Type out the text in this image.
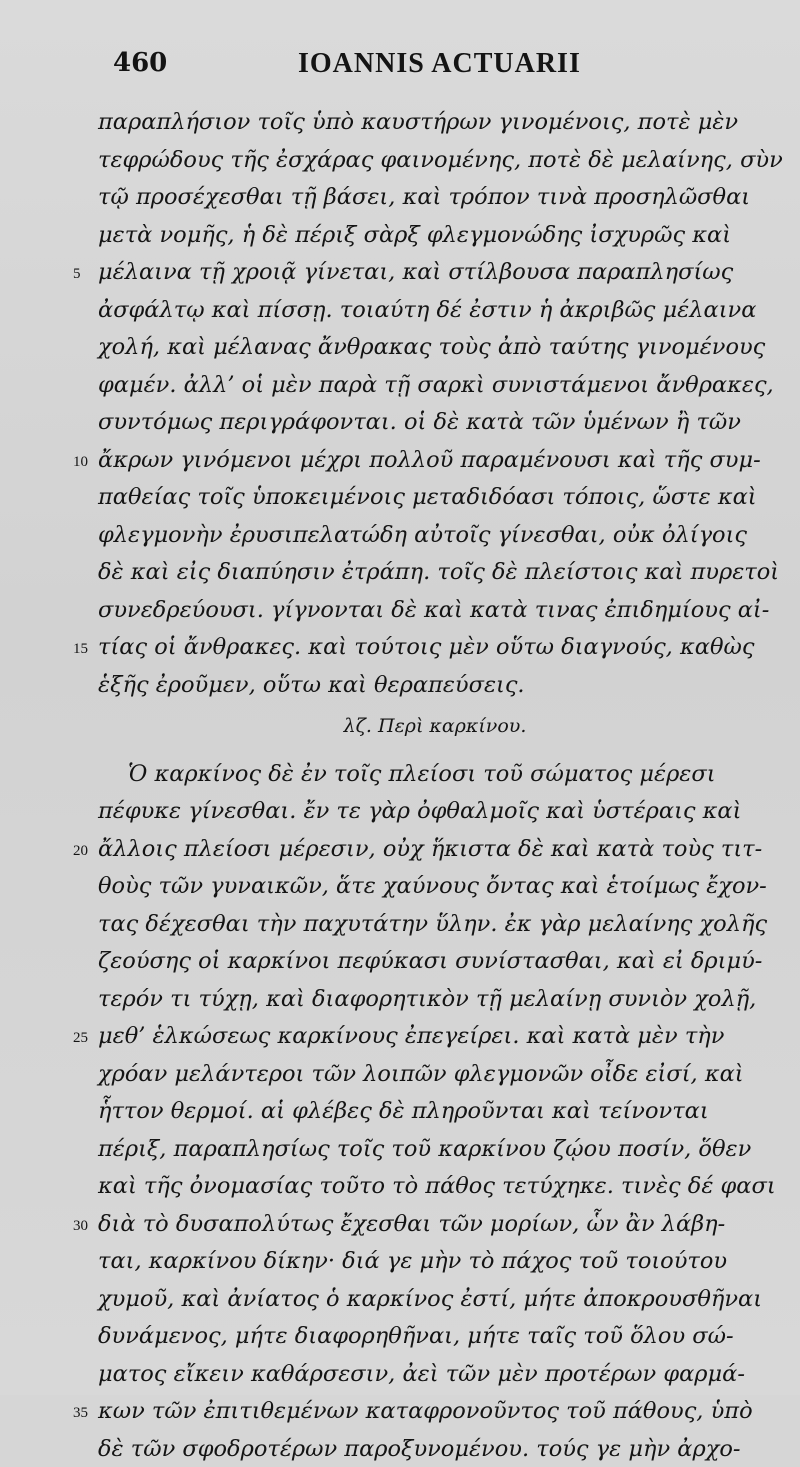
460	IOANNIS ACTUARII
παραπλήσιον τοῖς ὑπὸ καυστήρων γινομένοις, ποτὲ μὲν
τεφρώδους τῆς ἐσχάρας φαινομένης, ποτὲ δὲ μελαίνης, σὺν
τῷ προσέχεσθαι τῇ βάσει, καὶ τρόπον τινὰ προσηλῶσθαι
μετὰ νομῆς, ἡ δὲ πέριξ σὰρξ φλεγμονώδης ἰσχυρῶς καὶ
5 μέλαινα τῇ χροιᾷ γίνεται, καὶ στίλβουσα παραπλησίως
ἀσφάλτῳ καὶ πίσσῃ. τοιαύτη δέ ἐστιν ἡ ἀκριβῶς μέλαινα
χολή, καὶ μέλανας ἄνθρακας τοὺς ἀπὸ ταύτης γινομένους
φαμέν. ἀλλ’ οἱ μὲν παρὰ τῇ σαρκὶ συνιστάμενοι ἄνθρακες,
συντόμως περιγράφονται. οἱ δὲ κατὰ τῶν ὑμένων ἢ τῶν
10 ἄκρων γινόμενοι μέχρι πολλοῦ παραμένουσι καὶ τῆς συμ-
παθείας τοῖς ὑποκειμένοις μεταδιδόασι τόποις, ὥστε καὶ
φλεγμονὴν ἐρυσιπελατώδη αὐτοῖς γίνεσθαι, οὐκ ὀλίγοις
δὲ καὶ εἰς διαπύησιν ἐτράπη. τοῖς δὲ πλείστοις καὶ πυρετοὶ
συνεδρεύουσι. γίγνονται δὲ καὶ κατὰ τινας ἐπιδημίους αἰ-
15 τίας οἱ ἄνθρακες. καὶ τούτοις μὲν οὕτω διαγνούς, καθὼς
ἑξῆς ἐροῦμεν, οὕτω καὶ θεραπεύσεις.
λζ. Περὶ καρκίνου.
Ὁ καρκίνος δὲ ἐν τοῖς πλείοσι τοῦ σώματος μέρεσι
πέφυκε γίνεσθαι. ἔν τε γὰρ ὀφθαλμοῖς καὶ ὑστέραις καὶ
20 ἄλλοις πλείοσι μέρεσιν, οὐχ ἥκιστα δὲ καὶ κατὰ τοὺς τιτ-
θοὺς τῶν γυναικῶν, ἅτε χαύνους ὄντας καὶ ἑτοίμως ἔχον-
τας δέχεσθαι τὴν παχυτάτην ὕλην. ἐκ γὰρ μελαίνης χολῆς
ζεούσης οἱ καρκίνοι πεφύκασι συνίστασθαι, καὶ εἰ δριμύ-
τερόν τι τύχῃ, καὶ διαφορητικὸν τῇ μελαίνῃ συνιὸν χολῇ,
25 μεθ’ ἑλκώσεως καρκίνους ἐπεγείρει. καὶ κατὰ μὲν τὴν
χρόαν μελάντεροι τῶν λοιπῶν φλεγμονῶν οἶδε εἰσί, καὶ
ἧττον θερμοί. αἱ φλέβες δὲ πληροῦνται καὶ τείνονται
πέριξ, παραπλησίως τοῖς τοῦ καρκίνου ζῴου ποσίν, ὅθεν
καὶ τῆς ὀνομασίας τοῦτο τὸ πάθος τετύχηκε. τινὲς δέ φασι
30 διὰ τὸ δυσαπολύτως ἔχεσθαι τῶν μορίων, ὧν ἂν λάβη-
ται, καρκίνου δίκην· διά γε μὴν τὸ πάχος τοῦ τοιούτου
χυμοῦ, καὶ ἀνίατος ὁ καρκίνος ἐστί, μήτε ἀποκρουσθῆναι
δυνάμενος, μήτε διαφορηθῆναι, μήτε ταῖς τοῦ ὅλου σώ-
ματος εἴκειν καθάρσεσιν, ἀεὶ τῶν μὲν πρoτέρων φαρμά-
35 κων τῶν ἐπιτιθεμένων καταφρονοῦντος τοῦ πάθους, ὑπὸ
δὲ τῶν σφοδροτέρων παροξυνομένου. τούς γε μὴν ἀρχο-
